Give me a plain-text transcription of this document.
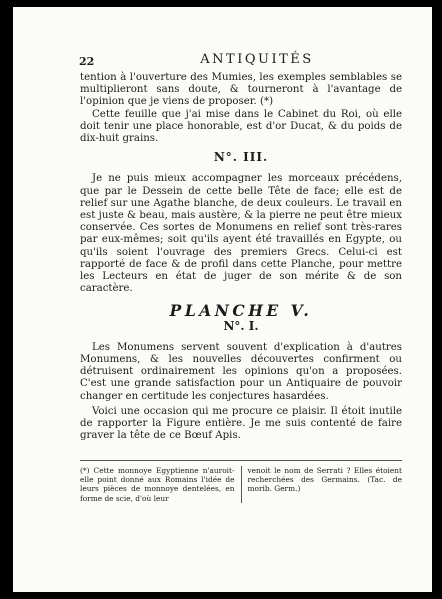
22	ANTIQUITÉS

tention à l'ouverture des Mumies, les exemples semblables se multiplieront sans doute, & tourneront à l'avantage de l'opinion que je viens de proposer. (*)

Cette feuille que j'ai mise dans le Cabinet du Roi, où elle doit tenir une place honorable, est d'or Ducat, & du poids de dix-huit grains.

N°. III.

Je ne puis mieux accompagner les morceaux précédens, que par le Dessein de cette belle Tête de face; elle est de relief sur une Agathe blanche, de deux couleurs. Le travail en est juste & beau, mais austère, & la pierre ne peut être mieux conservée. Ces sortes de Monumens en relief sont très-rares par eux-mêmes; soit qu'ils ayent été travaillés en Egypte, ou qu'ils soient l'ouvrage des premiers Grecs. Celui-ci est rapporté de face & de profil dans cette Planche, pour mettre les Lecteurs en état de juger de son mérite & de son caractère.

PLANCHE V.
N°. I.

Les Monumens servent souvent d'explication à d'autres Monumens, & les nouvelles découvertes confirment ou détruisent ordinairement les opinions qu'on a proposées. C'est une grande satisfaction pour un Antiquaire de pouvoir changer en certitude les conjectures hasardées.

Voici une occasion qui me procure ce plaisir. Il étoit inutile de rapporter la Figure entière. Je me suis contenté de faire graver la tête de ce Bœuf Apis.

(*) Cette monnoye Egyptienne n'auroit-elle point donné aux Romains l'idée de leurs pièces de monnoye dentelées, en forme de scie, d'où leur
venoit le nom de Serrati ? Elles étoient recherchées des Germains. (Tac. de morib. Germ.)
